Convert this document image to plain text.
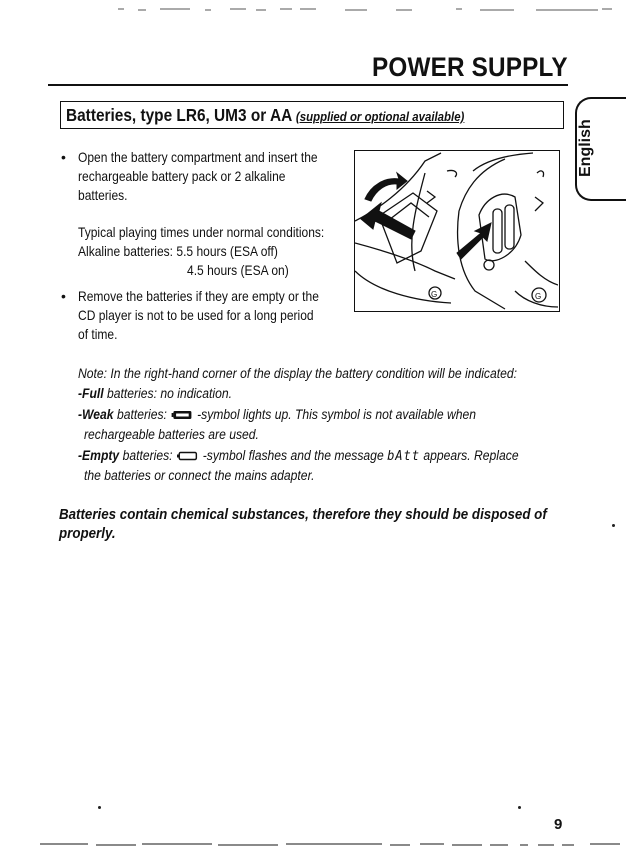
POWER SUPPLY
English
Batteries, type LR6, UM3 or AA (supplied or optional available)
• Open the battery compartment and insert the
rechargeable battery pack or 2 alkaline
batteries.
Typical playing times under normal conditions:
Alkaline batteries: 5.5 hours (ESA off)
4.5 hours (ESA on)
• Remove the batteries if they are empty or the
CD player is not to be used for a long period
of time.
G	G
Note: In the right-hand corner of the display the battery condition will be indicated:
-Full batteries: no indication.
-Weak batteries:  -symbol lights up. This symbol is not available when
rechargeable batteries are used.
-Empty batteries:  -symbol flashes and the message bAtt appears. Replace
the batteries or connect the mains adapter.
Batteries contain chemical substances, therefore they should be disposed of
properly.
9
